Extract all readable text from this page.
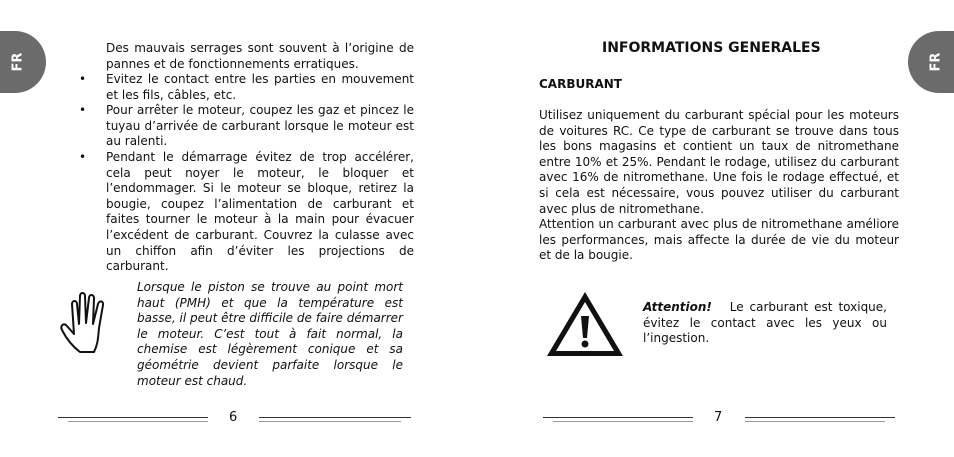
FR	FR
Des mauvais serrages sont souvent à l’origine de pannes et de fonctionnements erratiques.
• Evitez le contact entre les parties en mouvement et les fils, câbles, etc.
• Pour arrêter le moteur, coupez les gaz et pincez le tuyau d’arrivée de carburant lorsque le moteur est au ralenti.
• Pendant le démarrage évitez de trop accélérer, cela peut noyer le moteur, le bloquer et l’endommager. Si le moteur se bloque, retirez la bougie, coupez l’alimentation de carburant et faites tourner le moteur à la main pour évacuer l’excédent de carburant. Couvrez la culasse avec un chiffon afin d’éviter les projections de carburant.
Lorsque le piston se trouve au point mort haut (PMH) et que la température est basse, il peut être difficile de faire démarrer le moteur. C’est tout à fait normal, la chemise est légèrement conique et sa géométrie devient parfaite lorsque le moteur est chaud.
6
INFORMATIONS GENERALES
CARBURANT
Utilisez uniquement du carburant spécial pour les moteurs de voitures RC. Ce type de carburant se trouve dans tous les bons magasins et contient un taux de nitromethane entre 10% et 25%. Pendant le rodage, utilisez du carburant avec 16% de nitromethane. Une fois le rodage effectué, et si cela est nécessaire, vous pouvez utiliser du carburant avec plus de nitromethane.
Attention un carburant avec plus de nitromethane améliore les performances, mais affecte la durée de vie du moteur et de la bougie.
Attention! Le carburant est toxique, évitez le contact avec les yeux ou l’ingestion.
7
